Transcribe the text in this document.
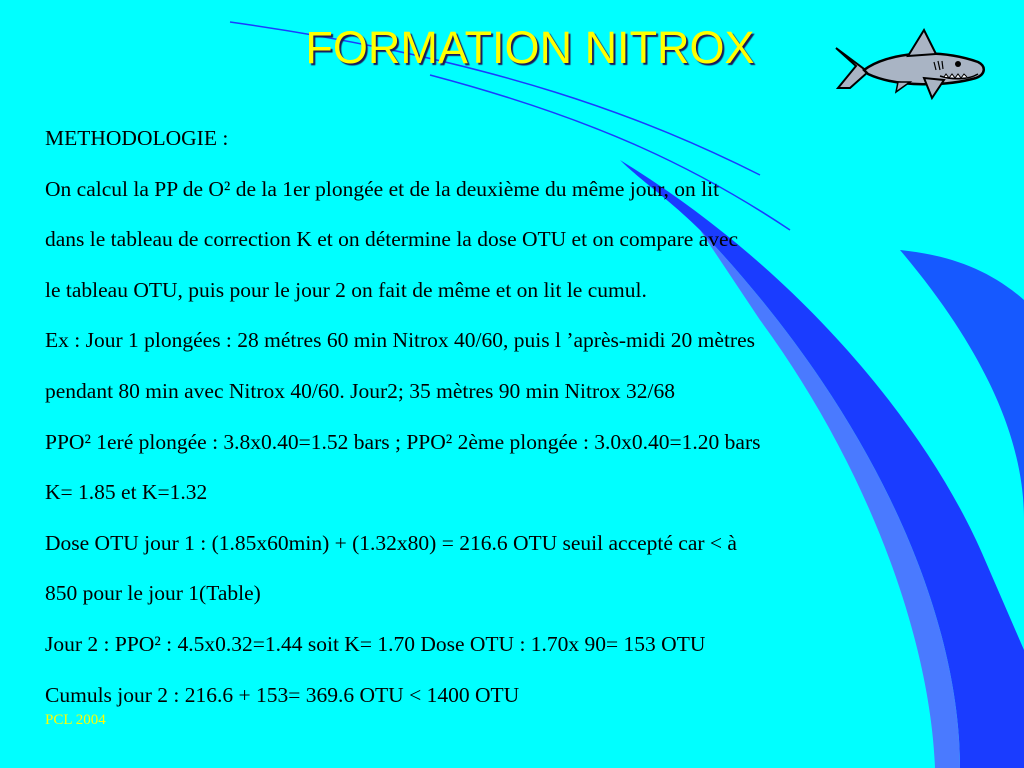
FORMATION NITROX
METHODOLOGIE :
On calcul la PP de O² de la 1er plongée et de la deuxième du même jour, on lit
dans le tableau de correction K et on détermine la dose OTU et on compare avec
le tableau OTU, puis pour le jour 2 on fait de même et on lit le cumul.
Ex : Jour 1 plongées : 28 métres 60 min Nitrox 40/60, puis l ’après-midi 20 mètres
pendant 80 min avec Nitrox 40/60. Jour2; 35 mètres 90 min Nitrox 32/68
PPO² 1eré plongée : 3.8x0.40=1.52 bars ; PPO² 2ème plongée : 3.0x0.40=1.20 bars
K= 1.85 et K=1.32
Dose OTU jour 1 : (1.85x60min) + (1.32x80) = 216.6 OTU seuil accepté car < à
850 pour le jour 1(Table)
Jour 2 : PPO² : 4.5x0.32=1.44 soit K= 1.70 Dose OTU : 1.70x 90= 153 OTU
Cumuls jour 2 : 216.6 + 153= 369.6 OTU < 1400 OTU
PCL 2004
